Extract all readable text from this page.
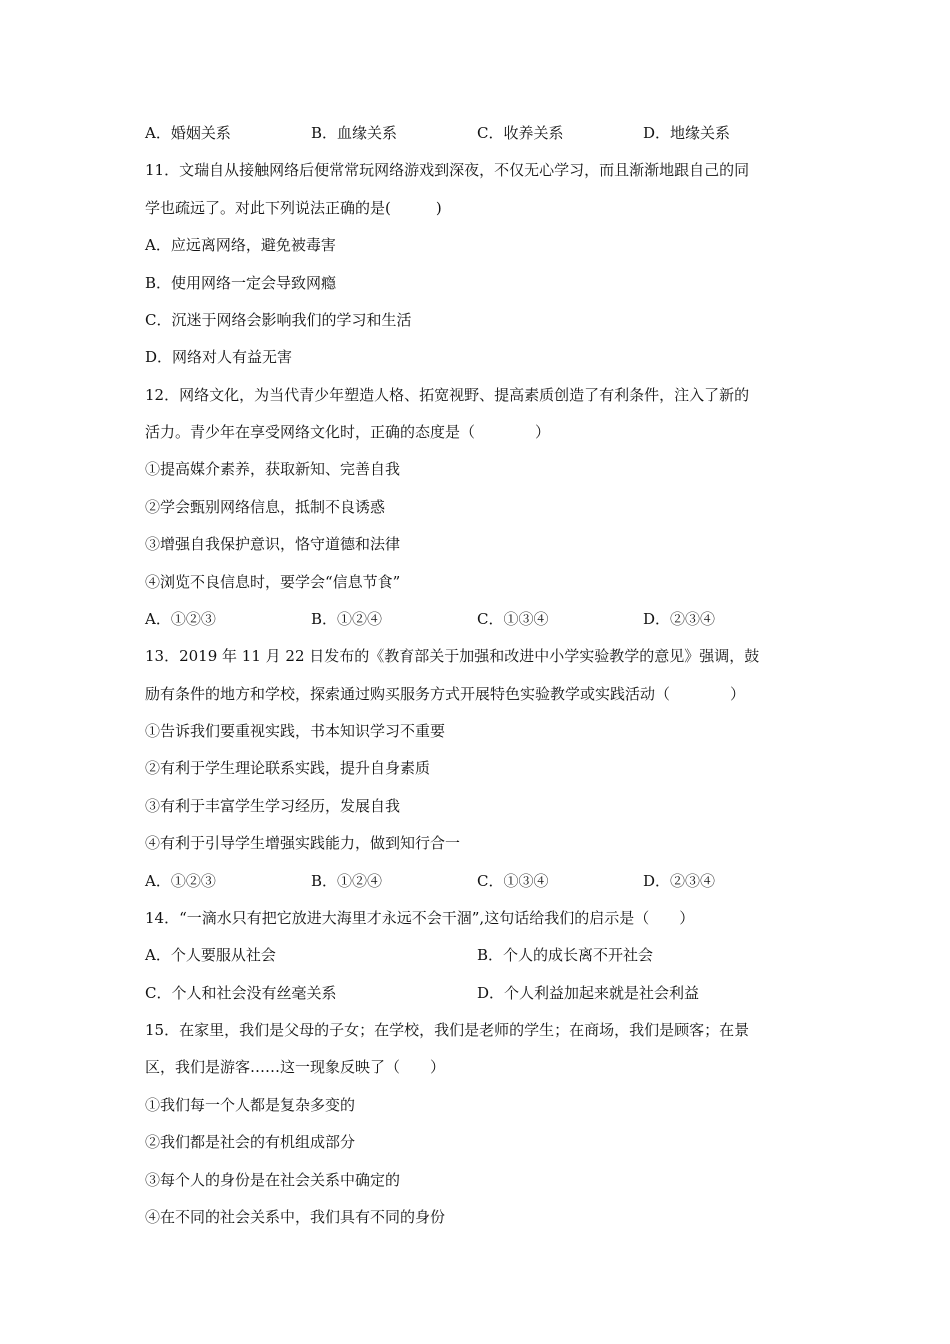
A．婚姻关系	B．血缘关系	C．收养关系	D．地缘关系
11．文瑞自从接触网络后便常常玩网络游戏到深夜，不仅无心学习，而且渐渐地跟自己的同
学也疏远了。对此下列说法正确的是(　　　)
A．应远离网络，避免被毒害
B．使用网络一定会导致网瘾
C．沉迷于网络会影响我们的学习和生活
D．网络对人有益无害
12．网络文化，为当代青少年塑造人格、拓宽视野、提高素质创造了有利条件，注入了新的
活力。青少年在享受网络文化时，正确的态度是（　　　　）
①提高媒介素养，获取新知、完善自我
②学会甄别网络信息，抵制不良诱惑
③增强自我保护意识，恪守道德和法律
④浏览不良信息时，要学会“信息节食”
A．①②③	B．①②④	C．①③④	D．②③④
13．2019 年 11 月 22 日发布的《教育部关于加强和改进中小学实验教学的意见》强调，鼓
励有条件的地方和学校，探索通过购买服务方式开展特色实验教学或实践活动（　　　　）
①告诉我们要重视实践，书本知识学习不重要
②有利于学生理论联系实践，提升自身素质
③有利于丰富学生学习经历，发展自我
④有利于引导学生增强实践能力，做到知行合一
A．①②③	B．①②④	C．①③④	D．②③④
14．“一滴水只有把它放进大海里才永远不会干涸”,这句话给我们的启示是（　　）
A．个人要服从社会	B．个人的成长离不开社会
C．个人和社会没有丝毫关系	D．个人利益加起来就是社会利益
15．在家里，我们是父母的子女；在学校，我们是老师的学生；在商场，我们是顾客；在景
区，我们是游客……这一现象反映了（　　）
①我们每一个人都是复杂多变的
②我们都是社会的有机组成部分
③每个人的身份是在社会关系中确定的
④在不同的社会关系中，我们具有不同的身份
